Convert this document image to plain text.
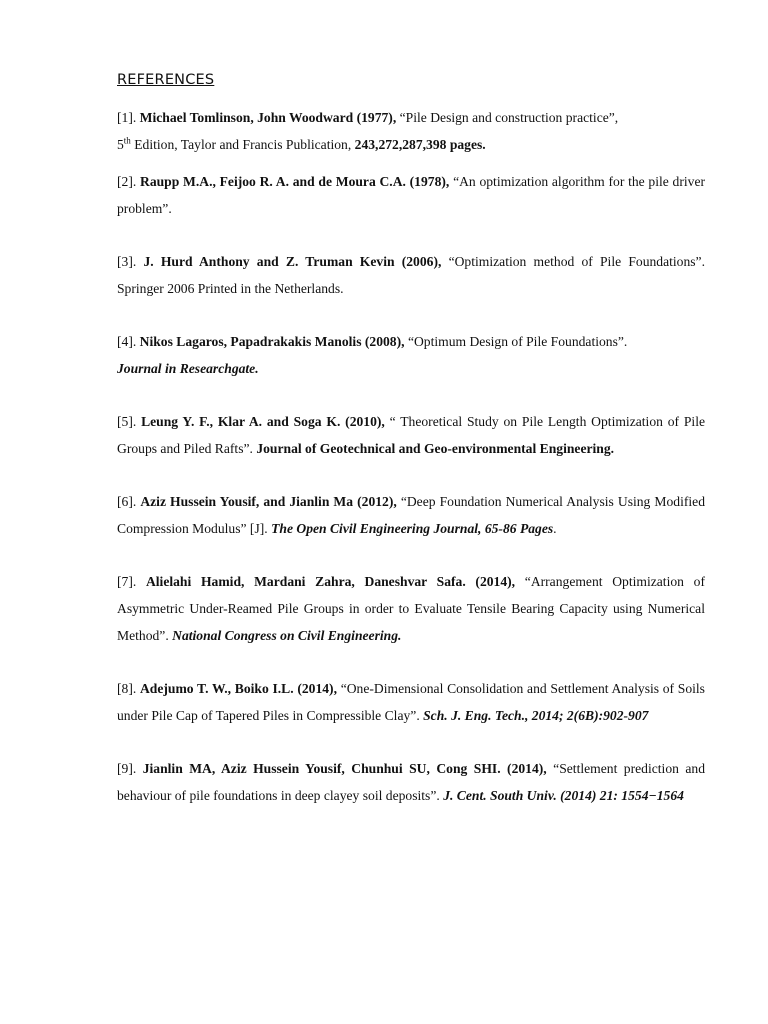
REFERENCES

[1]. Michael Tomlinson, John Woodward (1977), “Pile Design and construction practice”,
5th Edition, Taylor and Francis Publication, 243,272,287,398 pages.

[2]. Raupp M.A., Feijoo R. A. and de Moura C.A. (1978), “An optimization algorithm for the pile driver problem”.

[3]. J. Hurd Anthony and Z. Truman Kevin (2006), “Optimization method of Pile Foundations”. Springer 2006 Printed in the Netherlands.

[4]. Nikos Lagaros, Papadrakakis Manolis (2008), “Optimum Design of Pile Foundations”.
Journal in Researchgate.

[5]. Leung Y. F., Klar A. and Soga K. (2010), “ Theoretical Study on Pile Length Optimization of Pile Groups and Piled Rafts”. Journal of Geotechnical and Geo-environmental Engineering.

[6]. Aziz Hussein Yousif, and Jianlin Ma (2012), “Deep Foundation Numerical Analysis Using Modified Compression Modulus” [J]. The Open Civil Engineering Journal, 65-86 Pages.

[7]. Alielahi Hamid, Mardani Zahra, Daneshvar Safa. (2014), “Arrangement Optimization of Asymmetric Under-Reamed Pile Groups in order to Evaluate Tensile Bearing Capacity using Numerical Method”. National Congress on Civil Engineering.

[8]. Adejumo T. W., Boiko I.L. (2014), “One-Dimensional Consolidation and Settlement Analysis of Soils under Pile Cap of Tapered Piles in Compressible Clay”. Sch. J. Eng. Tech., 2014; 2(6B):902-907

[9]. Jianlin MA, Aziz Hussein Yousif, Chunhui SU, Cong SHI. (2014), “Settlement prediction and behaviour of pile foundations in deep clayey soil deposits”. J. Cent. South Univ. (2014) 21: 1554−1564
